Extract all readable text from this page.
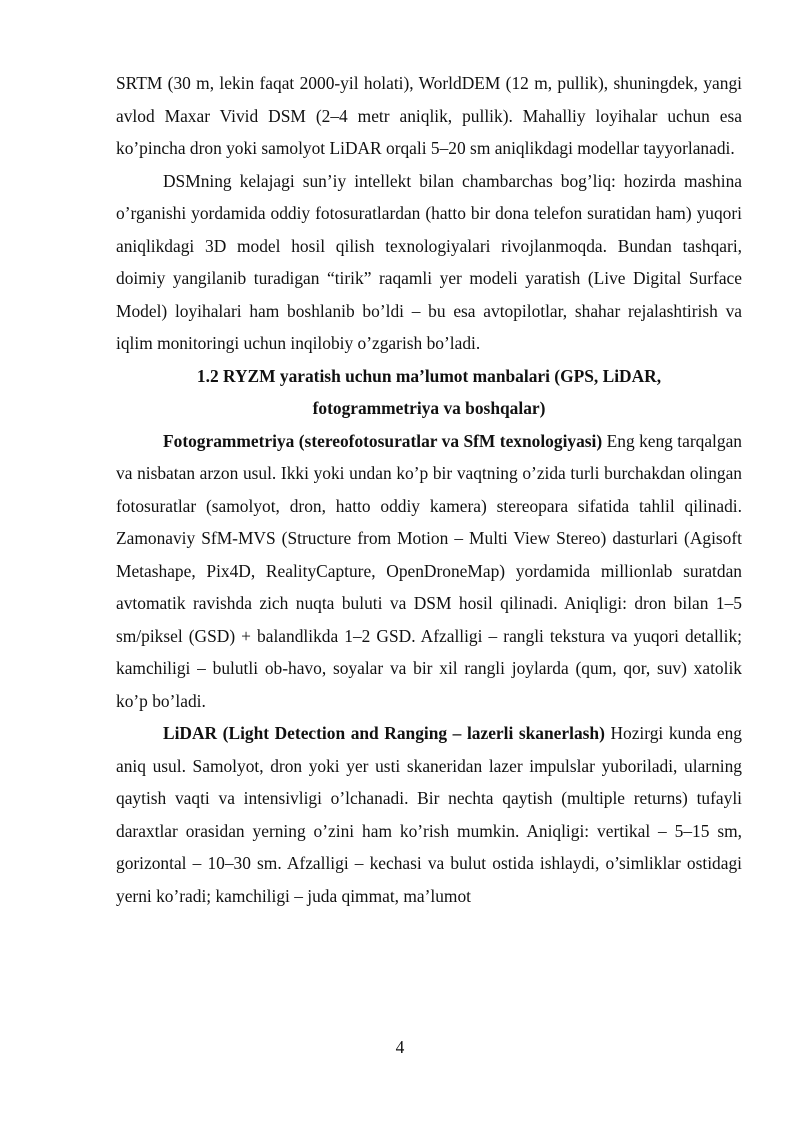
SRTM (30 m, lekin faqat 2000-yil holati), WorldDEM (12 m, pullik), shuningdek, yangi avlod Maxar Vivid DSM (2–4 metr aniqlik, pullik). Mahalliy loyihalar uchun esa ko’pincha dron yoki samolyot LiDAR orqali 5–20 sm aniqlikdagi modellar tayyorlanadi.

DSMning kelajagi sun’iy intellekt bilan chambarchas bog’liq: hozirda mashina o’rganishi yordamida oddiy fotosuratlardan (hatto bir dona telefon suratidan ham) yuqori aniqlikdagi 3D model hosil qilish texnologiyalari rivojlanmoqda. Bundan tashqari, doimiy yangilanib turadigan “tirik” raqamli yer modeli yaratish (Live Digital Surface Model) loyihalari ham boshlanib bo’ldi – bu esa avtopilotlar, shahar rejalashtirish va iqlim monitoringi uchun inqilobiy o’zgarish bo’ladi.

1.2 RYZM yaratish uchun ma’lumot manbalari (GPS, LiDAR,
fotogrammetriya va boshqalar)

Fotogrammetriya (stereofotosuratlar va SfM texnologiyasi) Eng keng tarqalgan va nisbatan arzon usul. Ikki yoki undan ko’p bir vaqtning o’zida turli burchakdan olingan fotosuratlar (samolyot, dron, hatto oddiy kamera) stereopara sifatida tahlil qilinadi. Zamonaviy SfM-MVS (Structure from Motion – Multi View Stereo) dasturlari (Agisoft Metashape, Pix4D, RealityCapture, OpenDroneMap) yordamida millionlab suratdan avtomatik ravishda zich nuqta buluti va DSM hosil qilinadi. Aniqligi: dron bilan 1–5 sm/piksel (GSD) + balandlikda 1–2 GSD. Afzalligi – rangli tekstura va yuqori detallik; kamchiligi – bulutli ob-havo, soyalar va bir xil rangli joylarda (qum, qor, suv) xatolik ko’p bo’ladi.

LiDAR (Light Detection and Ranging – lazerli skanerlash) Hozirgi kunda eng aniq usul. Samolyot, dron yoki yer usti skaneridan lazer impulslar yuboriladi, ularning qaytish vaqti va intensivligi o’lchanadi. Bir nechta qaytish (multiple returns) tufayli daraxtlar orasidan yerning o’zini ham ko’rish mumkin. Aniqligi: vertikal – 5–15 sm, gorizontal – 10–30 sm. Afzalligi – kechasi va bulut ostida ishlaydi, o’simliklar ostidagi yerni ko’radi; kamchiligi – juda qimmat, ma’lumot

4
